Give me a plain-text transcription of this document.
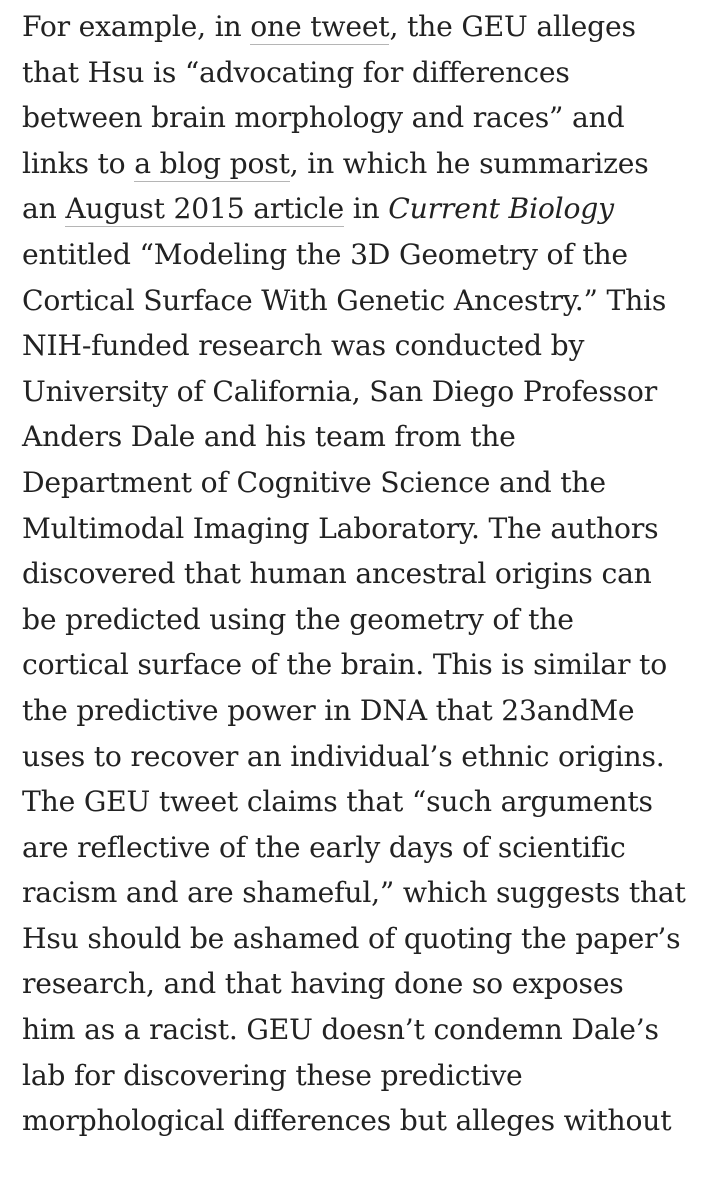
For example, in one tweet, the GEU alleges
that Hsu is “advocating for differences
between brain morphology and races” and
links to a blog post, in which he summarizes
an August 2015 article in Current Biology
entitled “Modeling the 3D Geometry of the
Cortical Surface With Genetic Ancestry.” This
NIH-funded research was conducted by
University of California, San Diego Professor
Anders Dale and his team from the
Department of Cognitive Science and the
Multimodal Imaging Laboratory. The authors
discovered that human ancestral origins can
be predicted using the geometry of the
cortical surface of the brain. This is similar to
the predictive power in DNA that 23andMe
uses to recover an individual’s ethnic origins.
The GEU tweet claims that “such arguments
are reflective of the early days of scientific
racism and are shameful,” which suggests that
Hsu should be ashamed of quoting the paper’s
research, and that having done so exposes
him as a racist. GEU doesn’t condemn Dale’s
lab for discovering these predictive
morphological differences but alleges without
